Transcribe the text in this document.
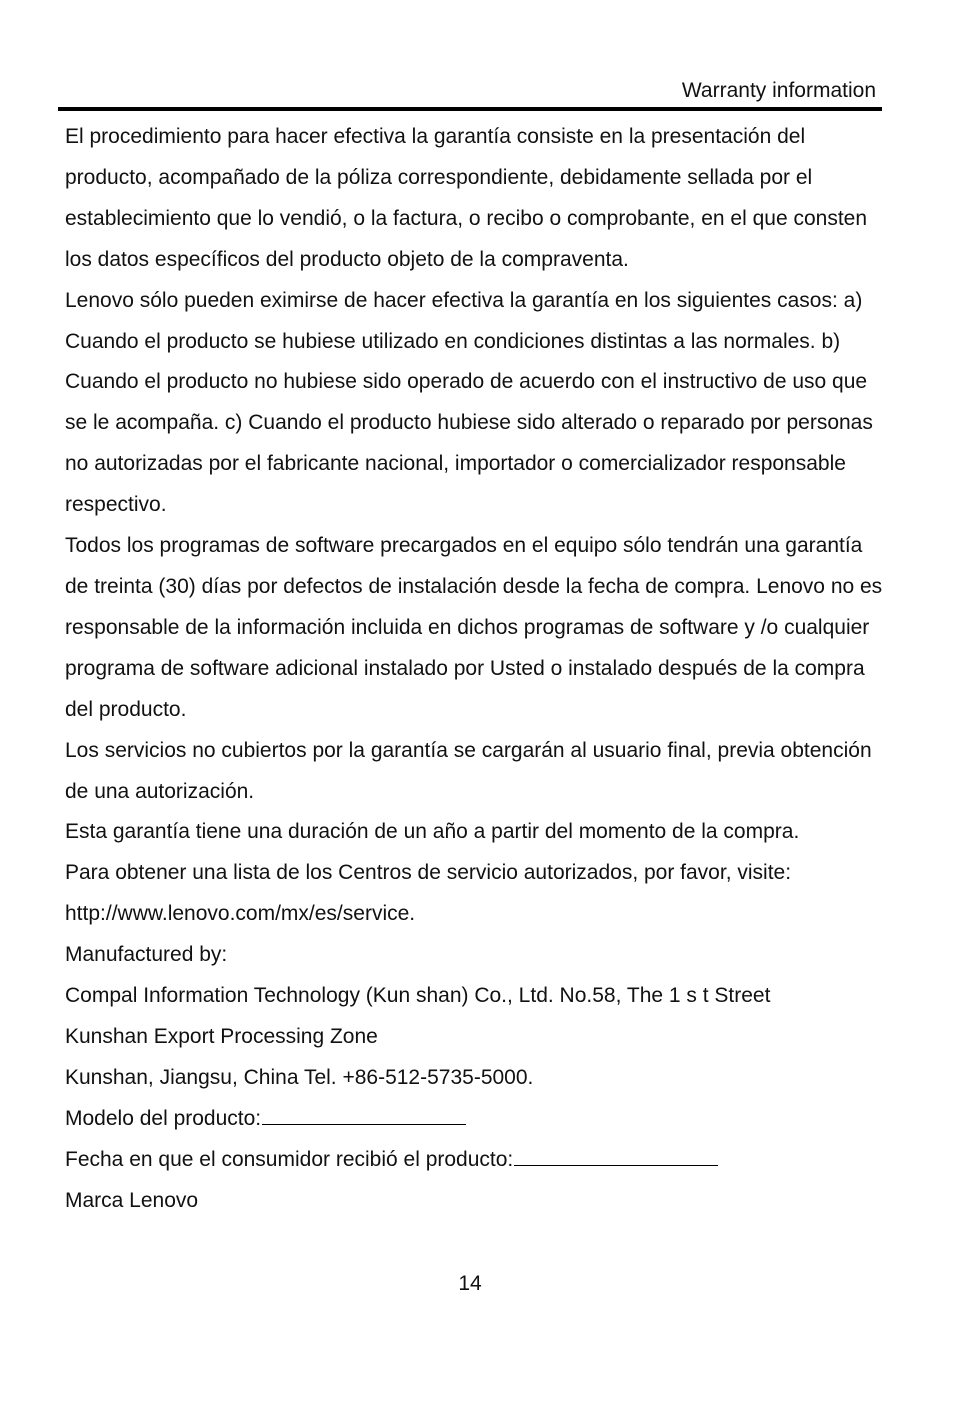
Warranty information

El procedimiento para hacer efectiva la garantía consiste en la presentación del producto, acompañado de la póliza correspondiente, debidamente sellada por el establecimiento que lo vendió, o la factura, o recibo o comprobante, en el que consten los datos específicos del producto objeto de la compraventa.

Lenovo sólo pueden eximirse de hacer efectiva la garantía en los siguientes casos: a) Cuando el producto se hubiese utilizado en condiciones distintas a las normales. b) Cuando el producto no hubiese sido operado de acuerdo con el instructivo de uso que se le acompaña. c) Cuando el producto hubiese sido alterado o reparado por personas no autorizadas por el fabricante nacional, importador o comercializador responsable respectivo.

Todos los programas de software precargados en el equipo sólo tendrán una garantía de treinta (30) días por defectos de instalación desde la fecha de compra. Lenovo no es responsable de la información incluida en dichos programas de software y /o cualquier programa de software adicional instalado por Usted o instalado después de la compra del producto.

Los servicios no cubiertos por la garantía se cargarán al usuario final, previa obtención de una autorización.

Esta garantía tiene una duración de un año a partir del momento de la compra.

Para obtener una lista de los Centros de servicio autorizados, por favor, visite: http://www.lenovo.com/mx/es/service.

Manufactured by:

Compal Information Technology (Kun shan) Co., Ltd. No.58, The 1 s t Street

Kunshan Export Processing Zone

Kunshan, Jiangsu, China Tel. +86-512-5735-5000.

Modelo del producto:

Fecha en que el consumidor recibió el producto:

Marca Lenovo

14
